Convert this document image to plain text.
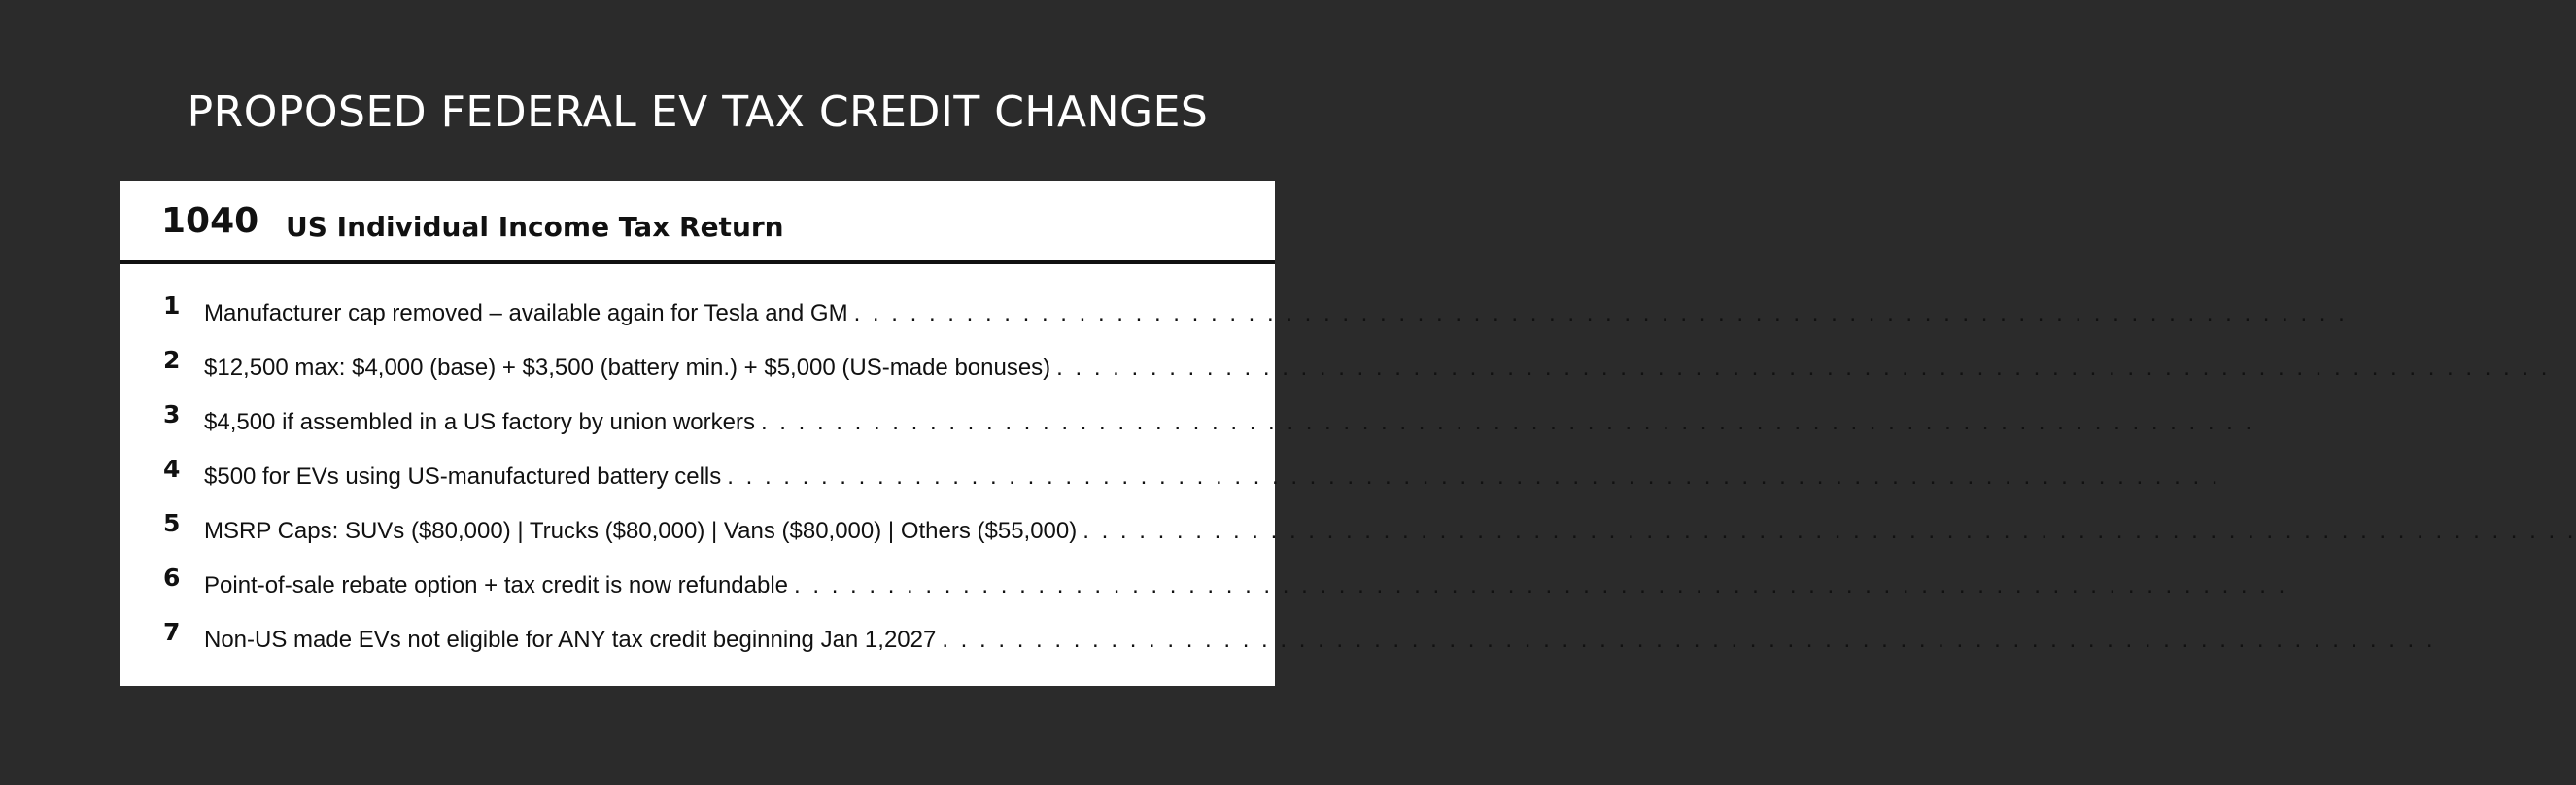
PROPOSED FEDERAL EV TAX CREDIT CHANGES
1040 US Individual Income Tax Return
1 Manufacturer cap removed – available again for Tesla and GM . . . . . . . . . . . . . . . . . . . . . . . . . . . . . . . . . . . . . . . . . . . . . . . . . . . . . . . . . . . . . . . . . . . . . . . . . . . . . . . .
2 $12,500 max: $4,000 (base) + $3,500 (battery min.) + $5,000 (US-made bonuses) . . . . . . . . . . . . . . . . . . . . . . . . . . . . . . . . . . . . . . . . . . . . . . . . . . . . . . . . . . . . . . . . . . . . . . . . . . . . . . . .
3 $4,500 if assembled in a US factory by union workers . . . . . . . . . . . . . . . . . . . . . . . . . . . . . . . . . . . . . . . . . . . . . . . . . . . . . . . . . . . . . . . . . . . . . . . . . . . . . . . .
4 $500 for EVs using US-manufactured battery cells . . . . . . . . . . . . . . . . . . . . . . . . . . . . . . . . . . . . . . . . . . . . . . . . . . . . . . . . . . . . . . . . . . . . . . . . . . . . . . . .
5 MSRP Caps: SUVs ($80,000) | Trucks ($80,000) | Vans ($80,000) | Others ($55,000) . . . . . . . . . . . . . . . . . . . . . . . . . . . . . . . . . . . . . . . . . . . . . . . . . . . . . . . . . . . . . . . . . . . . . . . . . . . . . . . .
6 Point-of-sale rebate option + tax credit is now refundable . . . . . . . . . . . . . . . . . . . . . . . . . . . . . . . . . . . . . . . . . . . . . . . . . . . . . . . . . . . . . . . . . . . . . . . . . . . . . . . .
7 Non-US made EVs not eligible for ANY tax credit beginning Jan 1,2027 . . . . . . . . . . . . . . . . . . . . . . . . . . . . . . . . . . . . . . . . . . . . . . . . . . . . . . . . . . . . . . . . . . . . . . . . . . . . . . . .
